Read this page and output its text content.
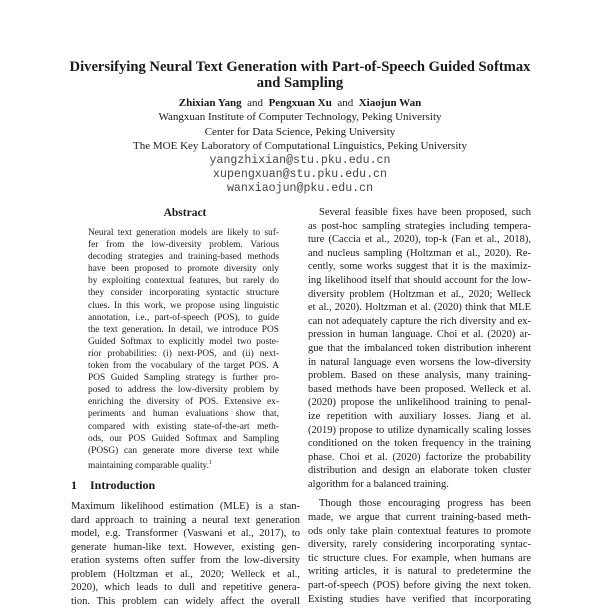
Diversifying Neural Text Generation with Part-of-Speech Guided Softmax
and Sampling
Zhixian Yang and Pengxuan Xu and Xiaojun Wan
Wangxuan Institute of Computer Technology, Peking University
Center for Data Science, Peking University
The MOE Key Laboratory of Computational Linguistics, Peking University
yangzhixian@stu.pku.edu.cn
xupengxuan@stu.pku.edu.cn
wanxiaojun@pku.edu.cn
Abstract
Neural text generation models are likely to suf-
fer from the low-diversity problem. Various
decoding strategies and training-based methods
have been proposed to promote diversity only
by exploiting contextual features, but rarely do
they consider incorporating syntactic structure
clues. In this work, we propose using linguistic
annotation, i.e., part-of-speech (POS), to guide
the text generation. In detail, we introduce POS
Guided Softmax to explicitly model two poste-
rior probabilities: (i) next-POS, and (ii) next-
token from the vocabulary of the target POS. A
POS Guided Sampling strategy is further pro-
posed to address the low-diversity problem by
enriching the diversity of POS. Extensive ex-
periments and human evaluations show that,
compared with existing state-of-the-art meth-
ods, our POS Guided Softmax and Sampling
(POSG) can generate more diverse text while
maintaining comparable quality.$^1$
1 Introduction
Maximum likelihood estimation (MLE) is a stan-
dard approach to training a neural text generation
model, e.g. Transformer (Vaswani et al., 2017), to
generate human-like text. However, existing gen-
eration systems often suffer from the low-diversity
problem (Holtzman et al., 2020; Welleck et al.,
2020), which leads to dull and repetitive genera-
tion. This problem can widely affect the overall
Several feasible fixes have been proposed, such
as post-hoc sampling strategies including tempera-
ture (Caccia et al., 2020), top-k (Fan et al., 2018),
and nucleus sampling (Holtzman et al., 2020). Re-
cently, some works suggest that it is the maximiz-
ing likelihood itself that should account for the low-
diversity problem (Holtzman et al., 2020; Welleck
et al., 2020). Holtzman et al. (2020) think that MLE
can not adequately capture the rich diversity and ex-
pression in human language. Choi et al. (2020) ar-
gue that the imbalanced token distribution inherent
in natural language even worsens the low-diversity
problem. Based on these analysis, many training-
based methods have been proposed. Welleck et al.
(2020) propose the unlikelihood training to penal-
ize repetition with auxiliary losses. Jiang et al.
(2019) propose to utilize dynamically scaling losses
conditioned on the token frequency in the training
phase. Choi et al. (2020) factorize the probability
distribution and design an elaborate token cluster
algorithm for a balanced training.
Though those encouraging progress has been
made, we argue that current training-based meth-
ods only take plain contextual features to promote
diversity, rarely considering incorporating syntac-
tic structure clues. For example, when humans are
writing articles, it is natural to predetermine the
part-of-speech (POS) before giving the next token.
Existing studies have verified that incorporating
